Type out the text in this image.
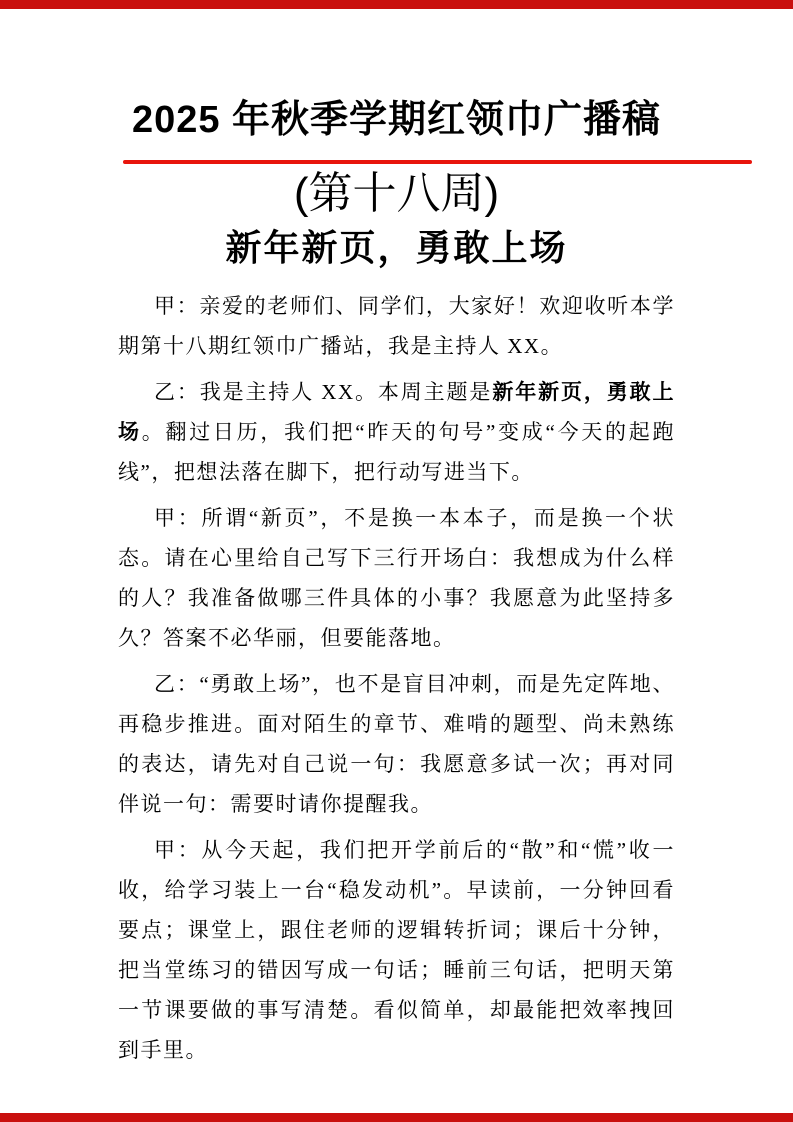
2025 年秋季学期红领巾广播稿
(第十八周)
新年新页，勇敢上场

甲：亲爱的老师们、同学们，大家好！欢迎收听本学期第十八期红领巾广播站，我是主持人 XX。

乙：我是主持人 XX。本周主题是新年新页，勇敢上场。翻过日历，我们把“昨天的句号”变成“今天的起跑线”，把想法落在脚下，把行动写进当下。

甲：所谓“新页”，不是换一本本子，而是换一个状态。请在心里给自己写下三行开场白：我想成为什么样的人？我准备做哪三件具体的小事？我愿意为此坚持多久？答案不必华丽，但要能落地。

乙：“勇敢上场”，也不是盲目冲刺，而是先定阵地、再稳步推进。面对陌生的章节、难啃的题型、尚未熟练的表达，请先对自己说一句：我愿意多试一次；再对同伴说一句：需要时请你提醒我。

甲：从今天起，我们把开学前后的“散”和“慌”收一收，给学习装上一台“稳发动机”。早读前，一分钟回看要点；课堂上，跟住老师的逻辑转折词；课后十分钟，把当堂练习的错因写成一句话；睡前三句话，把明天第一节课要做的事写清楚。看似简单，却最能把效率拽回到手里。
